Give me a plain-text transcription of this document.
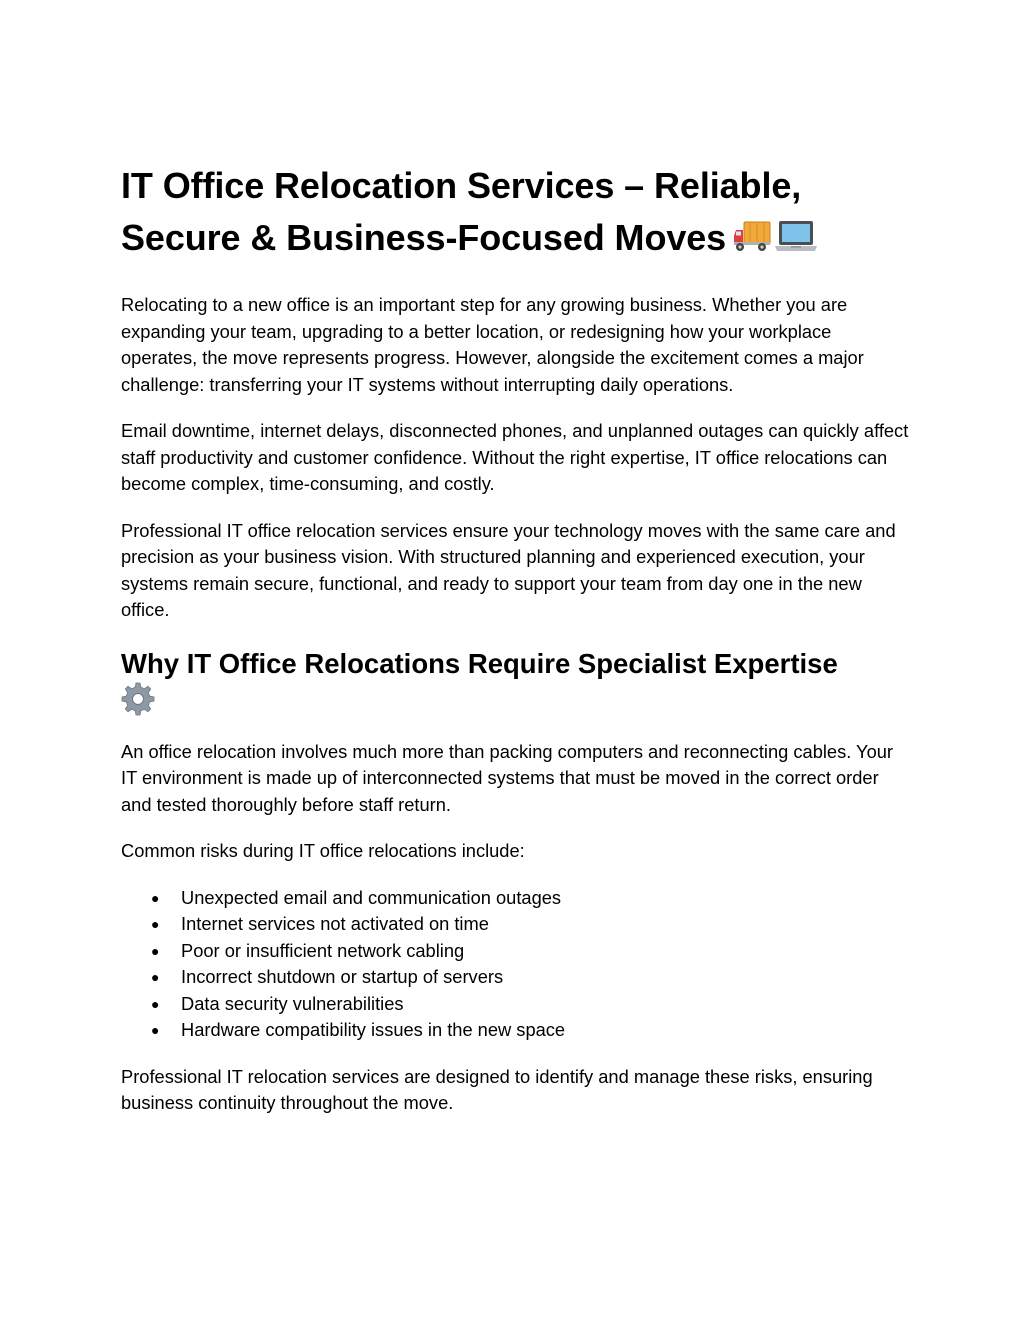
IT Office Relocation Services – Reliable, Secure & Business-Focused Moves

Relocating to a new office is an important step for any growing business. Whether you are expanding your team, upgrading to a better location, or redesigning how your workplace operates, the move represents progress. However, alongside the excitement comes a major challenge: transferring your IT systems without interrupting daily operations.

Email downtime, internet delays, disconnected phones, and unplanned outages can quickly affect staff productivity and customer confidence. Without the right expertise, IT office relocations can become complex, time-consuming, and costly.

Professional IT office relocation services ensure your technology moves with the same care and precision as your business vision. With structured planning and experienced execution, your systems remain secure, functional, and ready to support your team from day one in the new office.

Why IT Office Relocations Require Specialist Expertise

An office relocation involves much more than packing computers and reconnecting cables. Your IT environment is made up of interconnected systems that must be moved in the correct order and tested thoroughly before staff return.

Common risks during IT office relocations include:

● Unexpected email and communication outages
● Internet services not activated on time
● Poor or insufficient network cabling
● Incorrect shutdown or startup of servers
● Data security vulnerabilities
● Hardware compatibility issues in the new space

Professional IT relocation services are designed to identify and manage these risks, ensuring business continuity throughout the move.
